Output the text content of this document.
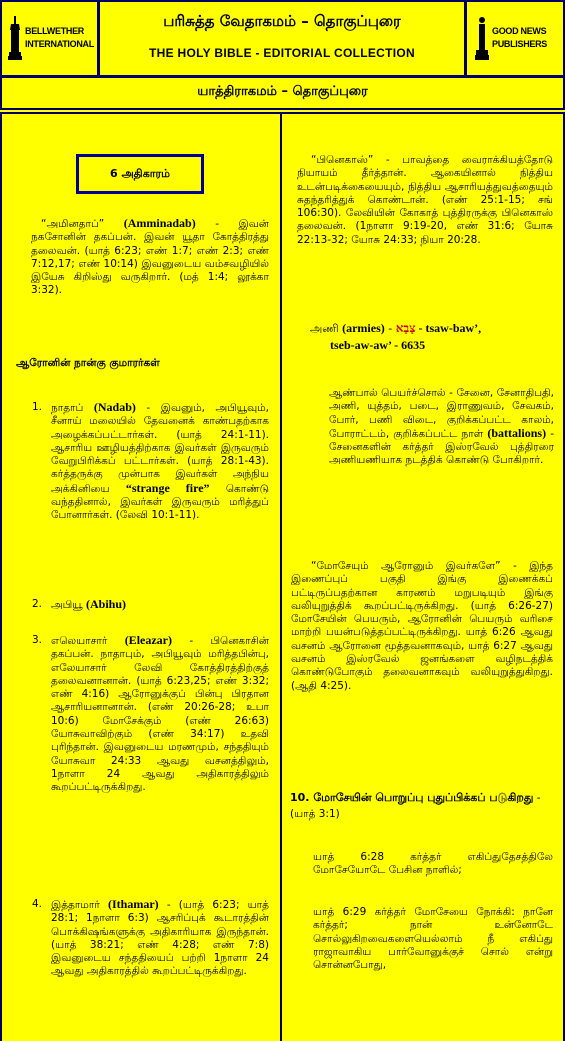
BELLWETHER
INTERNATIONAL
பரிசுத்த வேதாகமம் – தொகுப்புரை
THE HOLY BIBLE - EDITORIAL COLLECTION
GOOD NEWS
PUBLISHERS
யாத்திராகமம் – தொகுப்புரை
6 அதிகாரம்
“அமினதாப்” (Amminadab) - இவன் நகசோனின் தகப்பன். இவன் யூதா கோத்திரத்து தலைவன். (யாத் 6:23; எண் 1:7; எண் 2:3; எண் 7:12,17; எண் 10:14) இவனுடைய வம்சவழியில் இயேசு கிறிஸ்து வருகிறார். (மத் 1:4; லூக்கா 3:32).
ஆரோனின் நான்கு குமாரர்கள்
1. நாதாப் (Nadab) - இவனும், அபியூவும், சீனாய் மலையில் தேவனைக் காண்பதற்காக அழைக்கப்பட்டார்கள். (யாத் 24:1-11). ஆசாரிய ஊழியத்திற்காக இவர்கள் இருவரும் வேறுபிரிக்கப் பட்டார்கள். (யாத் 28:1-43). கர்த்தருக்கு முன்பாக இவர்கள் அந்நிய அக்கினியை “strange fire” கொண்டு வந்ததினால், இவர்கள் இருவரும் மரித்துப் போனார்கள். (லேவி 10:1-11).
2. அபியூ (Abihu)
3. எலெயாசார் (Eleazar) - பினெகாசின் தகப்பன். நாதாபும், அபியூவும் மரித்தபின்பு, எலேயாசார் லேவி கோத்திரத்திற்குத் தலைவனானான். (யாத் 6:23,25; எண் 3:32; எண் 4:16) ஆரோனுக்குப் பின்பு பிரதான ஆசாரியனானான். (எண் 20:26-28; உபா 10:6) மோசேக்கும் (எண் 26:63) யோசுவாவிற்கும் (எண் 34:17) உதவி புரிந்தான். இவனுடைய மரணமும், சந்ததியும் யோசுவா 24:33 ஆவது வசனத்திலும், 1நாளா 24 ஆவது அதிகாரத்திலும் கூறப்பட்டிருக்கிறது.
4. இத்தாமார் (Ithamar) - (யாத் 6:23; யாத் 28:1; 1நாளா 6:3) ஆசரிப்புக் கூடாரத்தின் பொக்கிஷங்களுக்கு அதிகாரியாக இருந்தான். (யாத் 38:21; எண் 4:28; எண் 7:8) இவனுடைய சந்ததியைப் பற்றி 1நாளா 24 ஆவது அதிகாரத்தில் கூறப்பட்டிருக்கிறது.
“பினெகாஸ்” - பாவத்தை வைராக்கியத்தோடு நியாயம் தீர்த்தான். ஆகையினால் நித்திய உடன்படிக்கையையும், நித்திய ஆசாரியத்துவத்தையும் சுதந்தரித்துக் கொண்டான். (எண் 25:1-15; சங் 106:30). லேவியின் கோகாத் புத்திரருக்கு பினெகாஸ் தலைவன். (1நாளா 9:19-20, எண் 31:6; யோசு 22:13-32; யோசு 24:33; நியா 20:28.
அணி (armies) - צָבָא - tsaw-baw’,
tseb-aw-aw’ - 6635
ஆண்பால் பெயர்ச்சொல் - சேனை, சேனாதிபதி, அணி, யுத்தம், படை, இராணுவம், சேவகம், போர், பணி விடை, குறிக்கப்பட்ட காலம், போராட்டம், குறிக்கப்பட்ட நாள் (battalions) - சேனைகளின் கர்த்தர் இஸ்ரவேல் புத்திரரை அணியணியாக நடத்திக் கொண்டு போகிறார்.
“மோசேயும் ஆரோனும் இவர்களே” - இந்த இணைப்புப் பகுதி இங்கு இணைக்கப் பட்டிருப்பதற்கான காரணம் மறுபடியும் இங்கு வலியுறுத்திக் கூறப்பட்டிருக்கிறது. (யாத் 6:26-27) மோசேயின் பெயரும், ஆரோனின் பெயரும் வரிசை மாற்றி பயன்படுத்தப்பட்டிருக்கிறது. யாத் 6:26 ஆவது வசனம் ஆரோனை மூத்தவனாகவும், யாத் 6:27 ஆவது வசனம் இஸ்ரவேல் ஜனங்களை வழிநடத்திக் கொண்டுபோகும் தலைவனாகவும் வலியுறுத்துகிறது. (ஆதி 4:25).
10. மோசேயின் பொறுப்பு புதுப்பிக்கப் படுகிறது - (யாத் 3:1)
யாத் 6:28 கர்த்தர் எகிப்துதேசத்திலே மோசேயோடே பேசின நாளில்;
யாத் 6:29 கர்த்தர் மோசேயை நோக்கி: நானே கர்த்தர்; நான் உன்னோடே சொல்லுகிறவைகளையெல்லாம் நீ எகிப்து ராஜாவாகிய பார்வோனுக்குச் சொல் என்று சொன்னபோது,
